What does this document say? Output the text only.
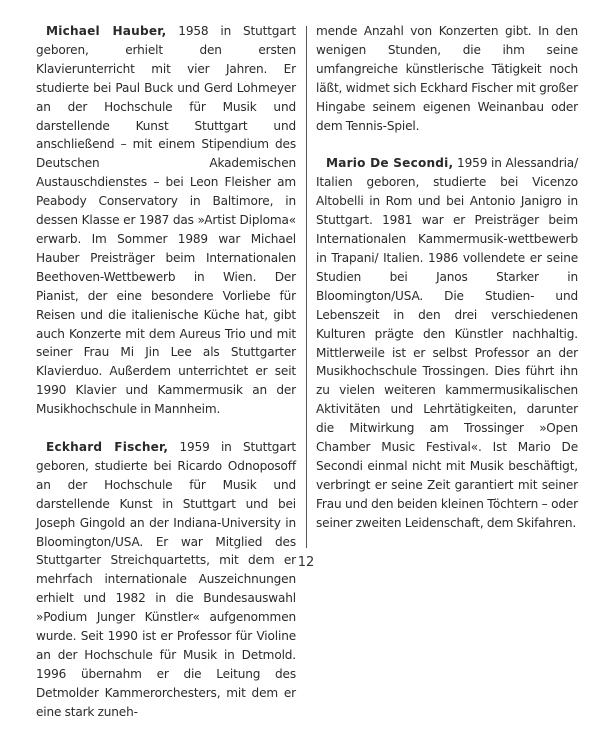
Michael Hauber, 1958 in Stuttgart geboren, erhielt den ersten Klavierunterricht mit vier Jahren. Er studierte bei Paul Buck und Gerd Lohmeyer an der Hochschule für Musik und darstellende Kunst Stuttgart und anschließend – mit einem Stipendium des Deutschen Akademischen Austauschdienstes – bei Leon Fleisher am Peabody Conservatory in Baltimore, in dessen Klasse er 1987 das »Artist Diploma« erwarb. Im Sommer 1989 war Michael Hauber Preisträger beim Internationalen Beethoven-Wettbewerb in Wien. Der Pianist, der eine besondere Vorliebe für Reisen und die italienische Küche hat, gibt auch Konzerte mit dem Aureus Trio und mit seiner Frau Mi Jin Lee als Stuttgarter Klavierduo. Außerdem unterrichtet er seit 1990 Klavier und Kammermusik an der Musikhochschule in Mannheim.

Eckhard Fischer, 1959 in Stuttgart geboren, studierte bei Ricardo Odnoposoff an der Hochschule für Musik und darstellende Kunst in Stuttgart und bei Joseph Gingold an der Indiana-University in Bloomington/USA. Er war Mitglied des Stuttgarter Streichquartetts, mit dem er mehrfach internationale Auszeichnungen erhielt und 1982 in die Bundesauswahl »Podium Junger Künstler« aufgenommen wurde. Seit 1990 ist er Professor für Violine an der Hochschule für Musik in Detmold. 1996 übernahm er die Leitung des Detmolder Kammerorchesters, mit dem er eine stark zuneh-

mende Anzahl von Konzerten gibt. In den wenigen Stunden, die ihm seine umfangreiche künstlerische Tätigkeit noch läßt, widmet sich Eckhard Fischer mit großer Hingabe seinem eigenen Weinanbau oder dem Tennis-Spiel.

Mario De Secondi, 1959 in Alessandria/ Italien geboren, studierte bei Vicenzo Altobelli in Rom und bei Antonio Janigro in Stuttgart. 1981 war er Preisträger beim Internationalen Kammermusik-wettbewerb in Trapani/ Italien. 1986 vollendete er seine Studien bei Janos Starker in Bloomington/USA. Die Studien- und Lebenszeit in den drei verschiedenen Kulturen prägte den Künstler nachhaltig. Mittlerweile ist er selbst Professor an der Musikhochschule Trossingen. Dies führt ihn zu vielen weiteren kammermusikalischen Aktivitäten und Lehrtätigkeiten, darunter die Mitwirkung am Trossinger »Open Chamber Music Festival«. Ist Mario De Secondi einmal nicht mit Musik beschäftigt, verbringt er seine Zeit garantiert mit seiner Frau und den beiden kleinen Töchtern – oder seiner zweiten Leidenschaft, dem Skifahren.

12
